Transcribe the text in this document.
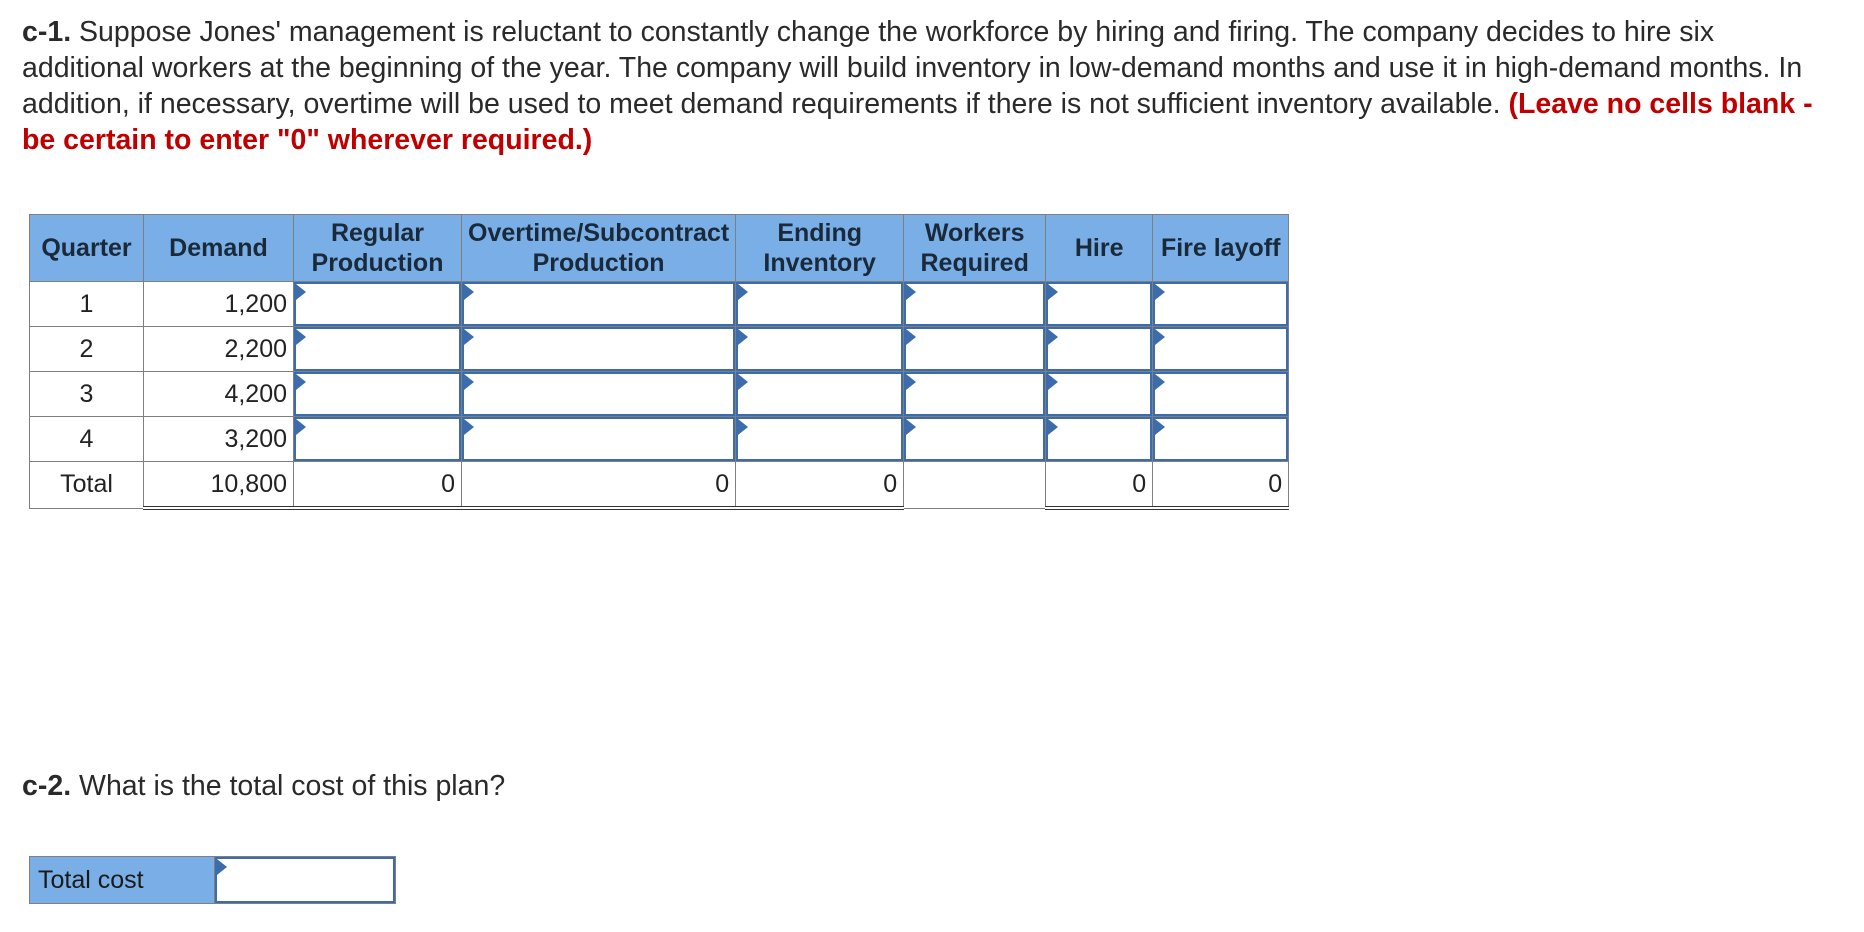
c-1. Suppose Jones' management is reluctant to constantly change the workforce by hiring and firing. The company decides to hire six additional workers at the beginning of the year. The company will build inventory in low-demand months and use it in high-demand months. In addition, if necessary, overtime will be used to meet demand requirements if there is not sufficient inventory available. (Leave no cells blank - be certain to enter "0" wherever required.)
Quarter	Demand	Regular Production	Overtime/Subcontract Production	Ending Inventory	Workers Required	Hire	Fire layoff
1	1,200	

2	2,200	

3	4,200	

4	3,200	

Total	10,800	0	0	0		0	0
c-2. What is the total cost of this plan?
Total cost	
